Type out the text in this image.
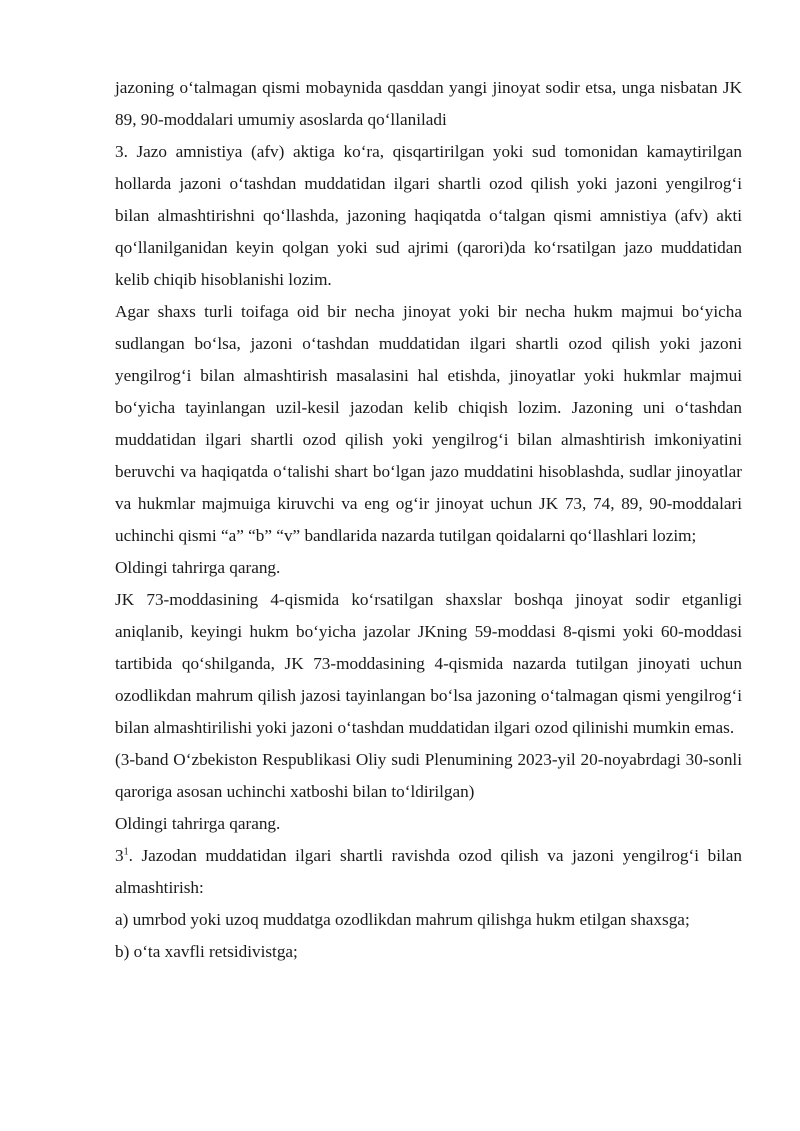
jazoning oʻtalmagan qismi mobaynida qasddan yangi jinoyat sodir etsa, unga nisbatan JK 89, 90-moddalari umumiy asoslarda qoʻllaniladi

3. Jazo amnistiya (afv) aktiga koʻra, qisqartirilgan yoki sud tomonidan kamaytirilgan hollarda jazoni oʻtashdan muddatidan ilgari shartli ozod qilish yoki jazoni yengilrogʻi bilan almashtirishni qoʻllashda, jazoning haqiqatda oʻtalgan qismi amnistiya (afv) akti qoʻllanilganidan keyin qolgan yoki sud ajrimi (qarori)da koʻrsatilgan jazo muddatidan kelib chiqib hisoblanishi lozim.

Agar shaxs turli toifaga oid bir necha jinoyat yoki bir necha hukm majmui boʻyicha sudlangan boʻlsa, jazoni oʻtashdan muddatidan ilgari shartli ozod qilish yoki jazoni yengilrogʻi bilan almashtirish masalasini hal etishda, jinoyatlar yoki hukmlar majmui boʻyicha tayinlangan uzil-kesil jazodan kelib chiqish lozim. Jazoning uni oʻtashdan muddatidan ilgari shartli ozod qilish yoki yengilrogʻi bilan almashtirish imkoniyatini beruvchi va haqiqatda oʻtalishi shart boʻlgan jazo muddatini hisoblashda, sudlar jinoyatlar va hukmlar majmuiga kiruvchi va eng ogʻir jinoyat uchun JK 73, 74, 89, 90-moddalari uchinchi qismi “a” “b” “v” bandlarida nazarda tutilgan qoidalarni qoʻllashlari lozim;

Oldingi tahrirga qarang.

JK 73-moddasining 4-qismida koʻrsatilgan shaxslar boshqa jinoyat sodir etganligi aniqlanib, keyingi hukm boʻyicha jazolar JKning 59-moddasi 8-qismi yoki 60-moddasi tartibida qoʻshilganda, JK 73-moddasining 4-qismida nazarda tutilgan jinoyati uchun ozodlikdan mahrum qilish jazosi tayinlangan boʻlsa jazoning oʻtalmagan qismi yengilrogʻi bilan almashtirilishi yoki jazoni oʻtashdan muddatidan ilgari ozod qilinishi mumkin emas.

(3-band Oʻzbekiston Respublikasi Oliy sudi Plenumining 2023-yil 20-noyabrdagi 30-sonli qaroriga asosan uchinchi xatboshi bilan toʻldirilgan)

Oldingi tahrirga qarang.

$3^1$. Jazodan muddatidan ilgari shartli ravishda ozod qilish va jazoni yengilrogʻi bilan almashtirish:

a) umrbod yoki uzoq muddatga ozodlikdan mahrum qilishga hukm etilgan shaxsga;

b) oʻta xavfli retsidivistga;
